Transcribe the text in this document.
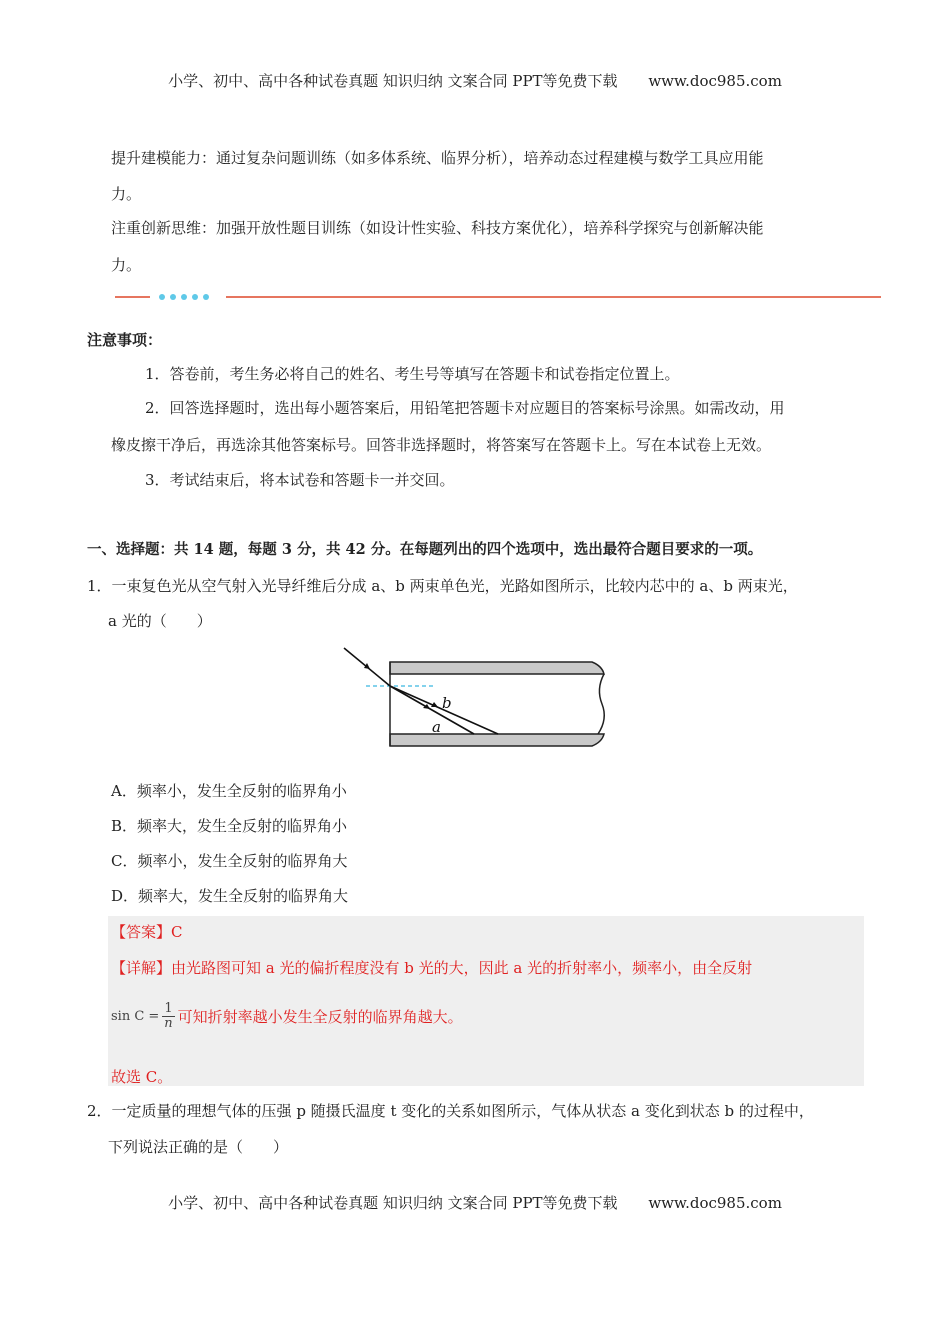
小学、初中、高中各种试卷真题 知识归纳 文案合同 PPT等免费下载 www.doc985.com
提升建模能力：通过复杂问题训练（如多体系统、临界分析），培养动态过程建模与数学工具应用能
力。
注重创新思维：加强开放性题目训练（如设计性实验、科技方案优化），培养科学探究与创新解决能
力。
注意事项：
1．答卷前，考生务必将自己的姓名、考生号等填写在答题卡和试卷指定位置上。
2．回答选择题时，选出每小题答案后，用铅笔把答题卡对应题目的答案标号涂黑。如需改动，用
橡皮擦干净后，再选涂其他答案标号。回答非选择题时，将答案写在答题卡上。写在本试卷上无效。
3．考试结束后，将本试卷和答题卡一并交回。
一、选择题：共 14 题，每题 3 分，共 42 分。在每题列出的四个选项中，选出最符合题目要求的一项。
1．一束复色光从空气射入光导纤维后分成 a、b 两束单色光，光路如图所示，比较内芯中的 a、b 两束光，
a 光的（　　）
b
a
A．频率小，发生全反射的临界角小
B．频率大，发生全反射的临界角小
C．频率小，发生全反射的临界角大
D．频率大，发生全反射的临界角大
【答案】C
【详解】由光路图可知 a 光的偏折程度没有 b 光的大，因此 a 光的折射率小，频率小，由全反射
$\sin C = \frac{1}{n}$ 可知折射率越小发生全反射的临界角越大。
故选 C。
2．一定质量的理想气体的压强 p 随摄氏温度 t 变化的关系如图所示，气体从状态 a 变化到状态 b 的过程中，
下列说法正确的是（　　）
小学、初中、高中各种试卷真题 知识归纳 文案合同 PPT等免费下载 www.doc985.com
